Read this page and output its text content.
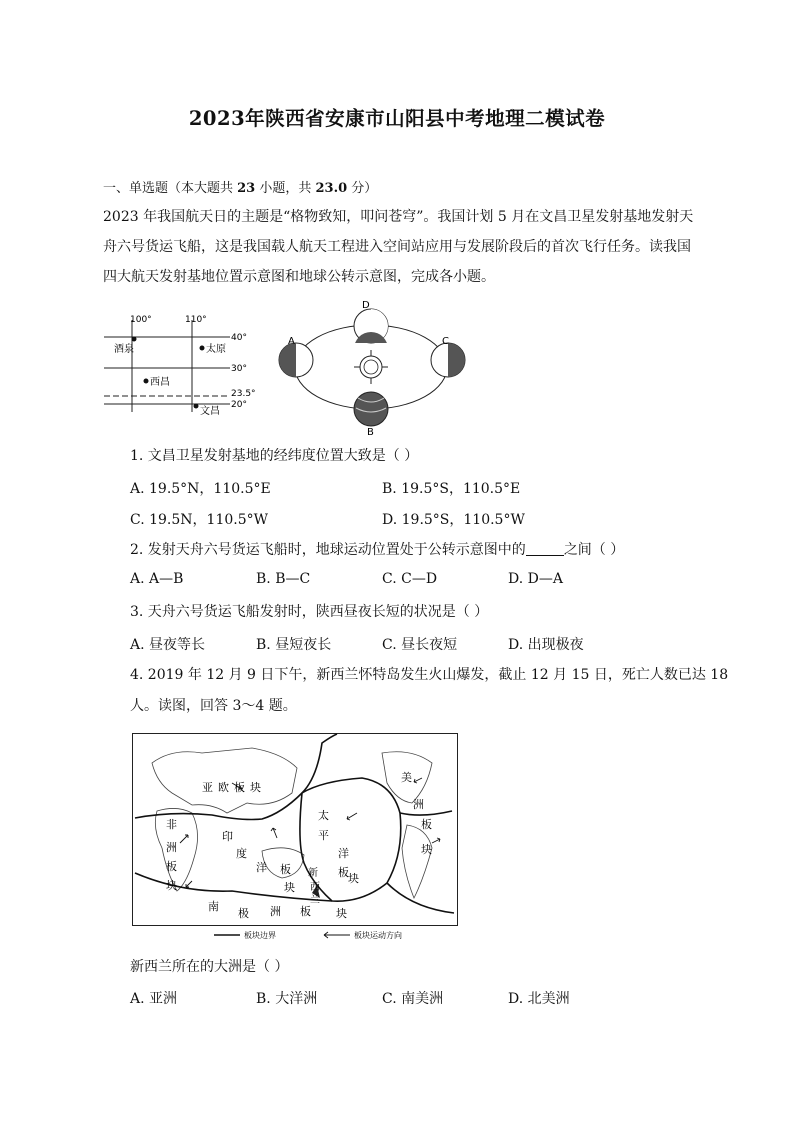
2023年陕西省安康市山阳县中考地理二模试卷
一、单选题（本大题共 23 小题，共 23.0 分）
2023 年我国航天日的主题是“格物致知，叩问苍穹”。我国计划 5 月在文昌卫星发射基地发射天
舟六号货运飞船，这是我国载人航天工程进入空间站应用与发展阶段后的首次飞行任务。读我国
四大航天发射基地位置示意图和地球公转示意图，完成各小题。
100°	110°
40°
30°
23.5°
20°
酒泉	太原
西昌
文昌
D
A	C
B
1. 文昌卫星发射基地的经纬度位置大致是（ ）
A. 19.5°N，110.5°E	B. 19.5°S，110.5°E
C. 19.5N，110.5°W	D. 19.5°S，110.5°W
2. 发射天舟六号货运飞船时，地球运动位置处于公转示意图中的	之间（ ）
A. A—B	B. B—C	C. C—D	D. D—A
3. 天舟六号货运飞船发射时，陕西昼夜长短的状况是（ ）
A. 昼夜等长	B. 昼短夜长	C. 昼长夜短	D. 出现极夜
4. 2019 年 12 月 9 日下午，新西兰怀特岛发生火山爆发，截止 12 月 15 日，死亡人数已达 18
人。读图，回答 3～4 题。
亚 欧 板 块
美
洲
板
块
非
洲
板
块
印
度
洋 板
块
太
平
洋
板 块
新
西
兰
南
极 洲 板 块
板块边界	板块运动方向
新西兰所在的大洲是（ ）
A. 亚洲	B. 大洋洲	C. 南美洲	D. 北美洲
